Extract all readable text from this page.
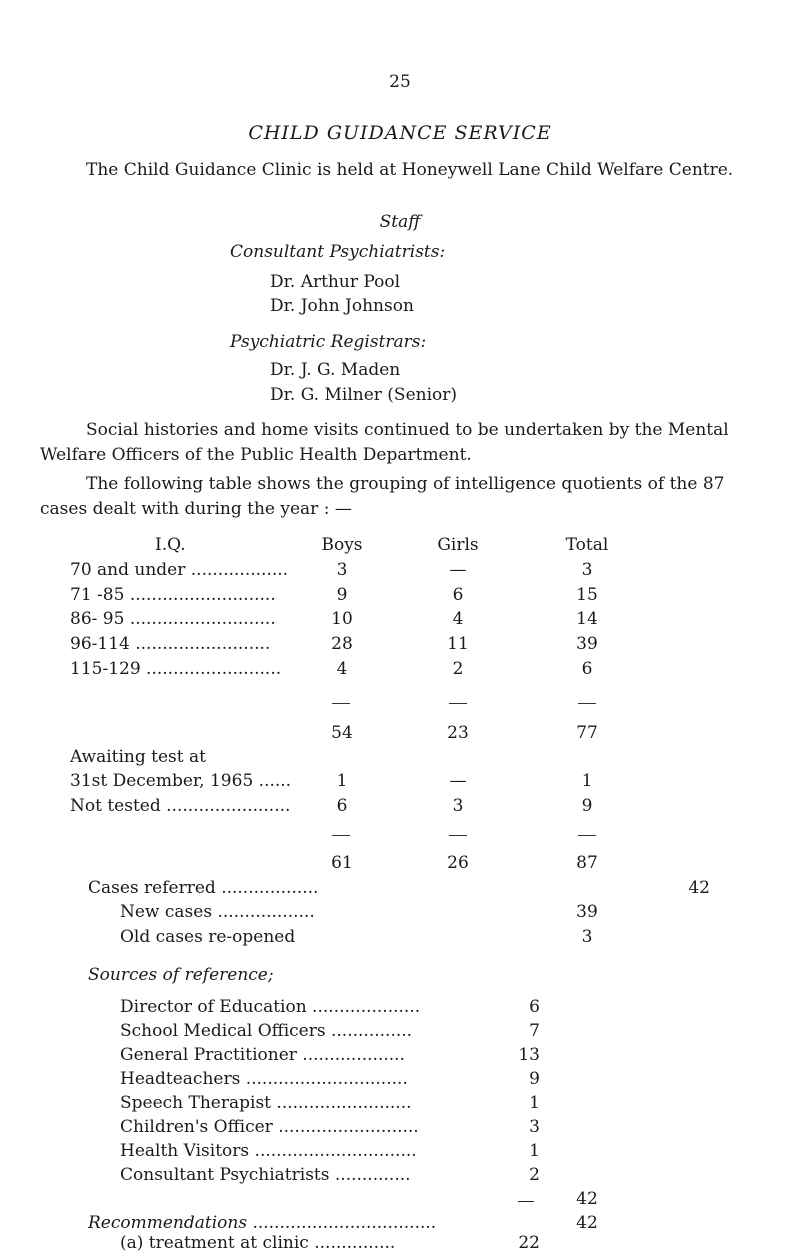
25
CHILD GUIDANCE SERVICE
The Child Guidance Clinic is held at Honeywell Lane Child Welfare Centre.
Staff
Consultant Psychiatrists:
Dr. Arthur Pool
Dr. John Johnson
Psychiatric Registrars:
Dr. J. G. Maden
Dr. G. Milner (Senior)
Social histories and home visits continued to be undertaken by the Mental Welfare Officers of the Public Health Department.
The following table shows the grouping of intelligence quotients of the 87 cases dealt with during the year : —
I.Q.	Boys	Girls	Total
70 and under ..................	3	—	3
71 -85 ...........................	9	6	15
86- 95 ...........................	10	4	14
96-114 .........................	28	11	39
115-129 .........................	4	2	6
54	23	77
Awaiting test at
31st December, 1965 ......	1	—	1
Not tested .......................	6	3	9
61	26	87
Cases referred ..................	42
New cases ..................	39
Old cases re-opened	3
Sources of reference;
Director of Education ....................	6
School Medical Officers ...............	7
General Practitioner ...................	13
Headteachers ..............................	9
Speech Therapist .........................	1
Children's Officer ..........................	3
Health Visitors ..............................	1
Consultant Psychiatrists ..............	2
42
Recommendations ..................................	42
(a) treatment at clinic ...............	22
